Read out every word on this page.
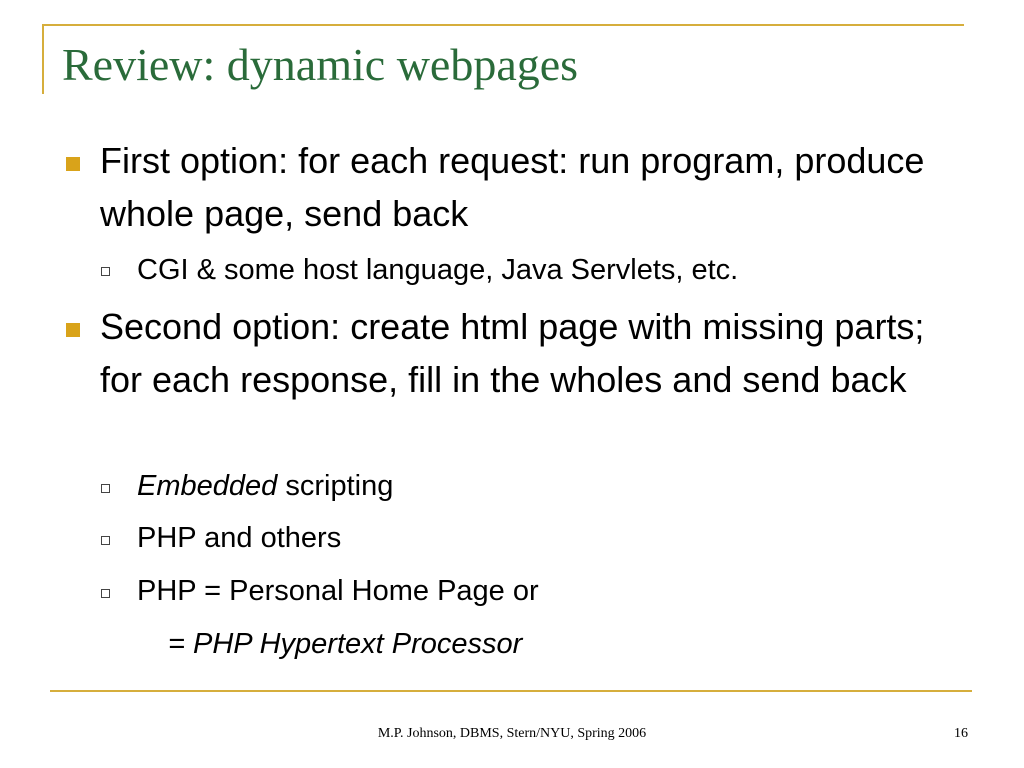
Review: dynamic webpages
First option: for each request: run program, produce whole page, send back
CGI & some host language, Java Servlets, etc.
Second option: create html page with missing parts; for each response, fill in the wholes and send back
Embedded scripting
PHP and others
PHP = Personal Home Page or
= PHP Hypertext Processor
M.P. Johnson, DBMS, Stern/NYU, Spring 2006	16
